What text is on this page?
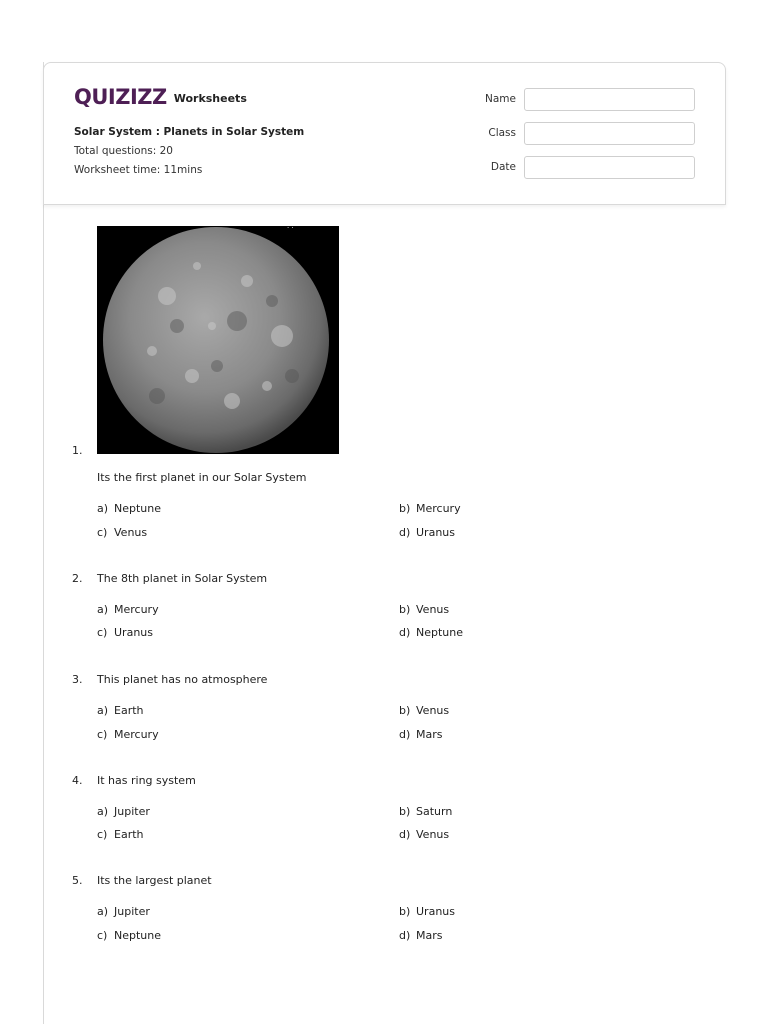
QUIZIZZ Worksheets
Solar System : Planets in Solar System
Total questions: 20
Worksheet time: 11mins
Name
Class
Date
· ·
1.
Its the first planet in our Solar System
a) Neptune	b) Mercury
c) Venus	d) Uranus
2. The 8th planet in Solar System
a) Mercury	b) Venus
c) Uranus	d) Neptune
3. This planet has no atmosphere
a) Earth	b) Venus
c) Mercury	d) Mars
4. It has ring system
a) Jupiter	b) Saturn
c) Earth	d) Venus
5. Its the largest planet
a) Jupiter	b) Uranus
c) Neptune	d) Mars
